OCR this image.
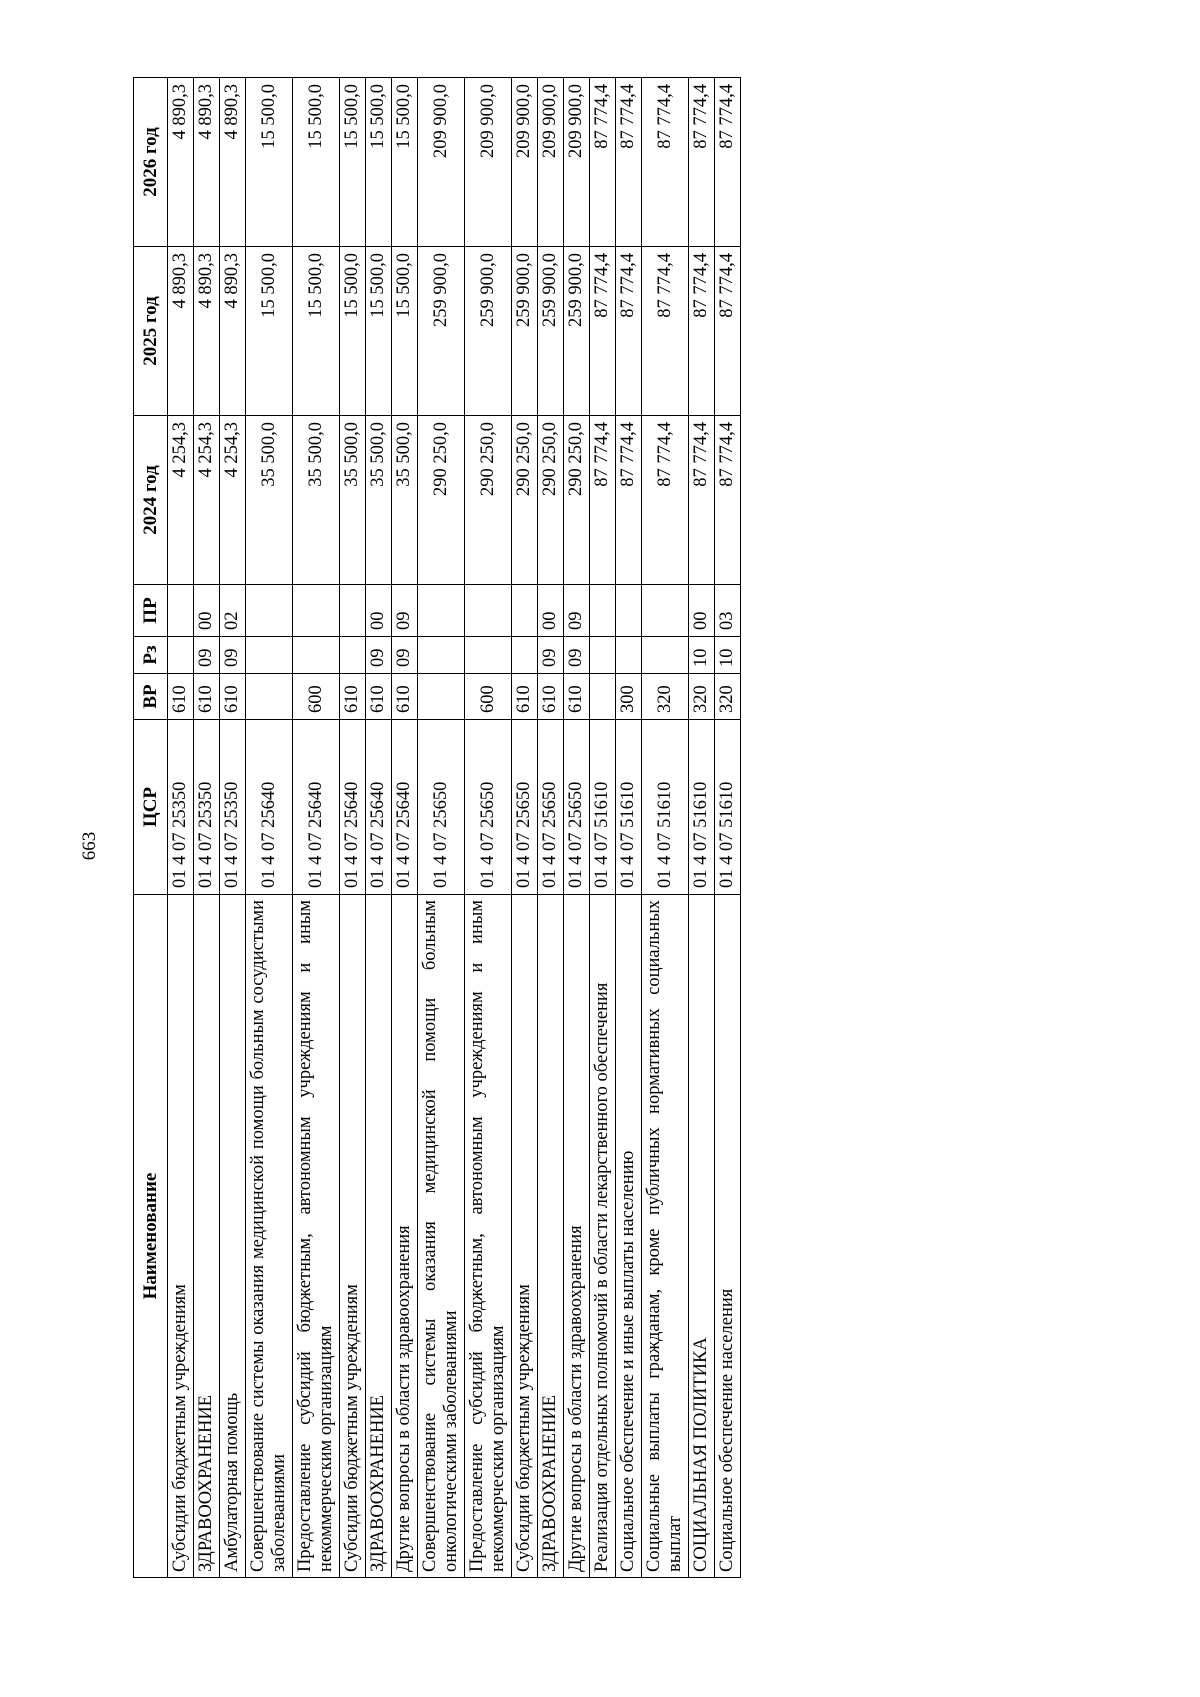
663
Наименование	ЦСР	ВР	Рз	ПР	2024 год	2025 год	2026 год
Субсидии бюджетным учреждениям	01 4 07 25350	610			4 254,3	4 890,3	4 890,3
ЗДРАВООХРАНЕНИЕ	01 4 07 25350	610	09	00	4 254,3	4 890,3	4 890,3
Амбулаторная помощь	01 4 07 25350	610	09	02	4 254,3	4 890,3	4 890,3
Совершенствование системы оказания медицинской помощи больным сосудистыми заболеваниями	01 4 07 25640				35 500,0	15 500,0	15 500,0
Предоставление субсидий бюджетным, автономным учреждениям и иным некоммерческим организациям	01 4 07 25640	600			35 500,0	15 500,0	15 500,0
Субсидии бюджетным учреждениям	01 4 07 25640	610			35 500,0	15 500,0	15 500,0
ЗДРАВООХРАНЕНИЕ	01 4 07 25640	610	09	00	35 500,0	15 500,0	15 500,0
Другие вопросы в области здравоохранения	01 4 07 25640	610	09	09	35 500,0	15 500,0	15 500,0
Совершенствование системы оказания медицинской помощи больным онкологическими заболеваниями	01 4 07 25650				290 250,0	259 900,0	209 900,0
Предоставление субсидий бюджетным, автономным учреждениям и иным некоммерческим организациям	01 4 07 25650	600			290 250,0	259 900,0	209 900,0
Субсидии бюджетным учреждениям	01 4 07 25650	610			290 250,0	259 900,0	209 900,0
ЗДРАВООХРАНЕНИЕ	01 4 07 25650	610	09	00	290 250,0	259 900,0	209 900,0
Другие вопросы в области здравоохранения	01 4 07 25650	610	09	09	290 250,0	259 900,0	209 900,0
Реализация отдельных полномочий в области лекарственного обеспечения	01 4 07 51610				87 774,4	87 774,4	87 774,4
Социальное обеспечение и иные выплаты населению	01 4 07 51610	300			87 774,4	87 774,4	87 774,4
Социальные выплаты гражданам, кроме публичных нормативных социальных выплат	01 4 07 51610	320			87 774,4	87 774,4	87 774,4
СОЦИАЛЬНАЯ ПОЛИТИКА	01 4 07 51610	320	10	00	87 774,4	87 774,4	87 774,4
Социальное обеспечение населения	01 4 07 51610	320	10	03	87 774,4	87 774,4	87 774,4
